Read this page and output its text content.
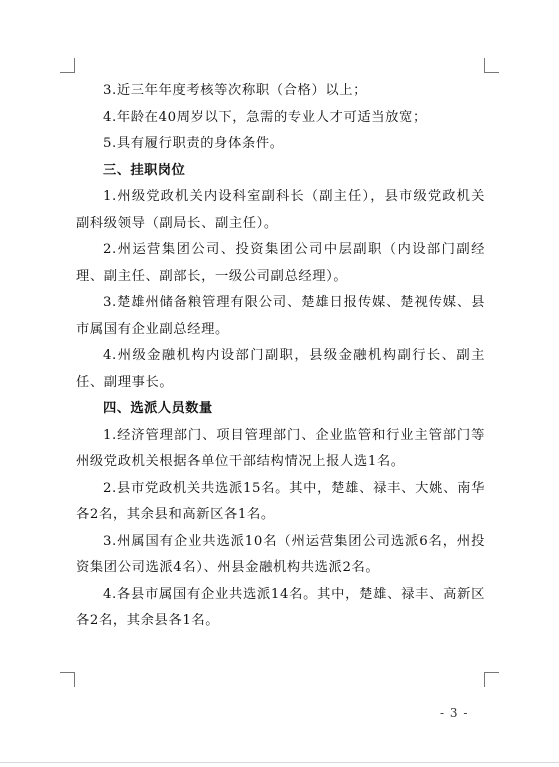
3.近三年年度考核等次称职（合格）以上；

4.年龄在40周岁以下，急需的专业人才可适当放宽；

5.具有履行职责的身体条件。

三、挂职岗位

1.州级党政机关内设科室副科长（副主任），县市级党政机关副科级领导（副局长、副主任）。

2.州运营集团公司、投资集团公司中层副职（内设部门副经理、副主任、副部长，一级公司副总经理）。

3.楚雄州储备粮管理有限公司、楚雄日报传媒、楚视传媒、县市属国有企业副总经理。

4.州级金融机构内设部门副职，县级金融机构副行长、副主任、副理事长。

四、选派人员数量

1.经济管理部门、项目管理部门、企业监管和行业主管部门等州级党政机关根据各单位干部结构情况上报人选1名。

2.县市党政机关共选派15名。其中，楚雄、禄丰、大姚、南华各2名，其余县和高新区各1名。

3.州属国有企业共选派10名（州运营集团公司选派6名，州投资集团公司选派4名）、州县金融机构共选派2名。

4.各县市属国有企业共选派14名。其中，楚雄、禄丰、高新区各2名，其余县各1名。

- 3 -
